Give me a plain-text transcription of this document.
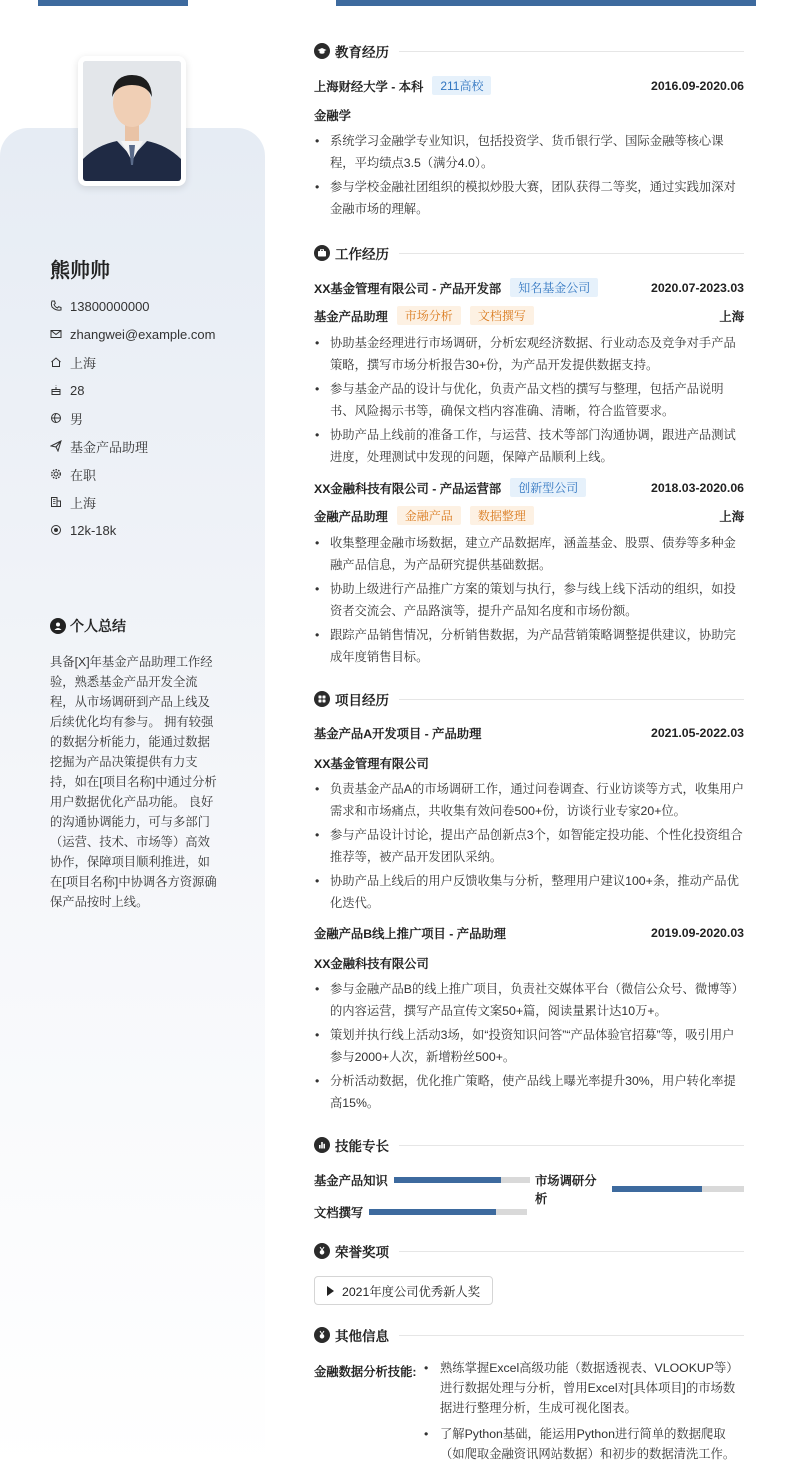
熊帅帅
13800000000
zhangwei@example.com
上海
28
男
基金产品助理
在职
上海
12k-18k
个人总结
具备[X]年基金产品助理工作经验，熟悉基金产品开发全流程，从市场调研到产品上线及后续优化均有参与。 拥有较强的数据分析能力，能通过数据挖掘为产品决策提供有力支持，如在[项目名称]中通过分析用户数据优化产品功能。 良好的沟通协调能力，可与多部门（运营、技术、市场等）高效协作，保障项目顺利推进，如在[项目名称]中协调各方资源确保产品按时上线。
教育经历
上海财经大学 - 本科	211高校	2016.09-2020.06
金融学
• 系统学习金融学专业知识，包括投资学、货币银行学、国际金融等核心课程，平均绩点3.5（满分4.0）。
• 参与学校金融社团组织的模拟炒股大赛，团队获得二等奖，通过实践加深对金融市场的理解。
工作经历
XX基金管理有限公司 - 产品开发部	知名基金公司	2020.07-2023.03
基金产品助理	市场分析	文档撰写	上海
• 协助基金经理进行市场调研，分析宏观经济数据、行业动态及竞争对手产品策略，撰写市场分析报告30+份，为产品开发提供数据支持。
• 参与基金产品的设计与优化，负责产品文档的撰写与整理，包括产品说明书、风险揭示书等，确保文档内容准确、清晰，符合监管要求。
• 协助产品上线前的准备工作，与运营、技术等部门沟通协调，跟进产品测试进度，处理测试中发现的问题，保障产品顺利上线。
XX金融科技有限公司 - 产品运营部	创新型公司	2018.03-2020.06
金融产品助理	金融产品	数据整理	上海
• 收集整理金融市场数据，建立产品数据库，涵盖基金、股票、债券等多种金融产品信息，为产品研究提供基础数据。
• 协助上级进行产品推广方案的策划与执行，参与线上线下活动的组织，如投资者交流会、产品路演等，提升产品知名度和市场份额。
• 跟踪产品销售情况，分析销售数据，为产品营销策略调整提供建议，协助完成年度销售目标。
项目经历
基金产品A开发项目 - 产品助理	2021.05-2022.03
XX基金管理有限公司
• 负责基金产品A的市场调研工作，通过问卷调查、行业访谈等方式，收集用户需求和市场痛点，共收集有效问卷500+份，访谈行业专家20+位。
• 参与产品设计讨论，提出产品创新点3个，如智能定投功能、个性化投资组合推荐等，被产品开发团队采纳。
• 协助产品上线后的用户反馈收集与分析，整理用户建议100+条，推动产品优化迭代。
金融产品B线上推广项目 - 产品助理	2019.09-2020.03
XX金融科技有限公司
• 参与金融产品B的线上推广项目，负责社交媒体平台（微信公众号、微博等）的内容运营，撰写产品宣传文案50+篇，阅读量累计达10万+。
• 策划并执行线上活动3场，如“投资知识问答”“产品体验官招募”等，吸引用户参与2000+人次，新增粉丝500+。
• 分析活动数据，优化推广策略，使产品线上曝光率提升30%，用户转化率提高15%。
技能专长
基金产品知识	市场调研分析
文档撰写
荣誉奖项
2021年度公司优秀新人奖
其他信息
金融数据分析技能:
•	熟练掌握Excel高级功能（数据透视表、VLOOKUP等）进行数据处理与分析，曾用Excel对[具体项目]的市场数据进行整理分析，生成可视化图表。
• 了解Python基础，能运用Python进行简单的数据爬取（如爬取金融资讯网站数据）和初步的数据清洗工作。
